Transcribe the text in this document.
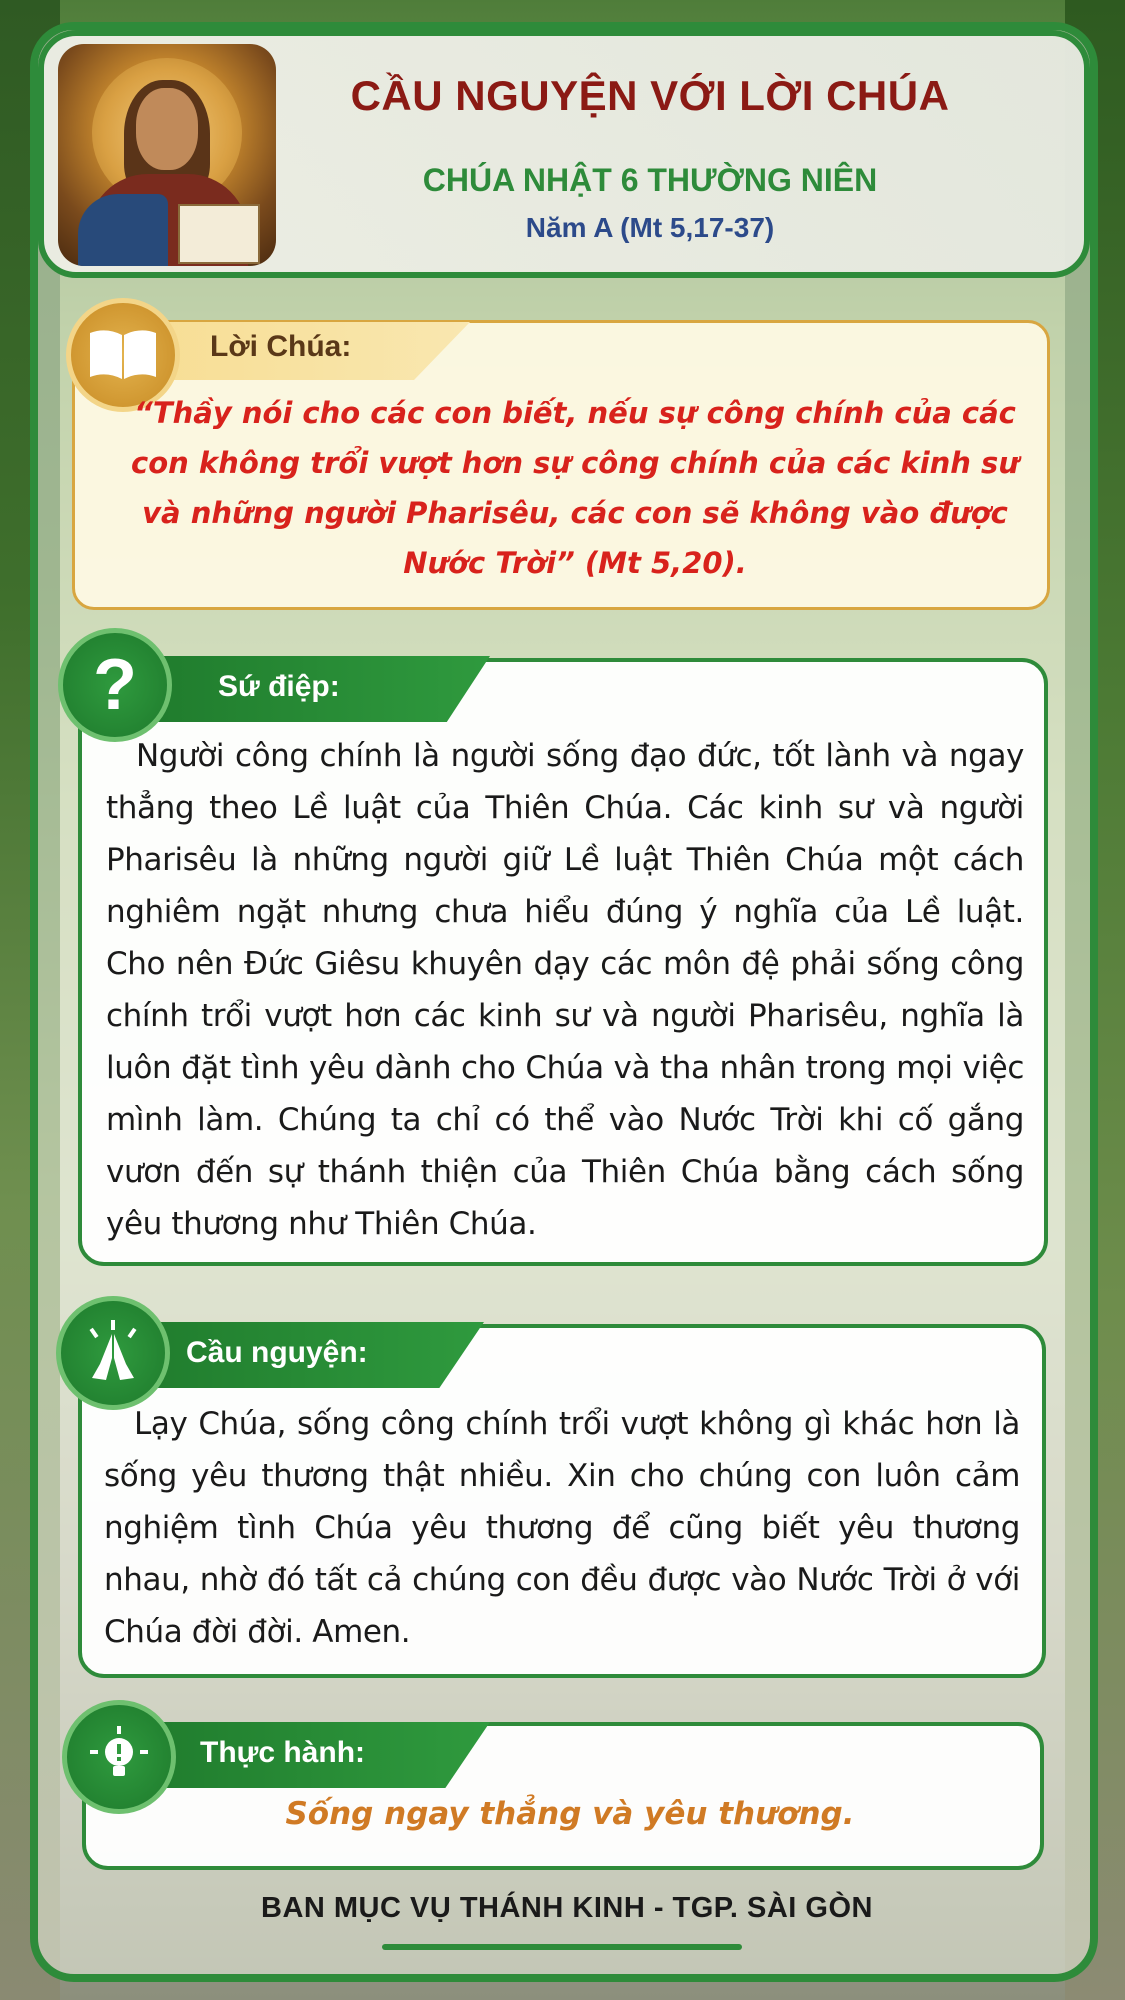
CẦU NGUYỆN VỚI LỜI CHÚA
CHÚA NHẬT 6 THƯỜNG NIÊN
Năm A (Mt 5,17-37)
Lời Chúa:
“Thầy nói cho các con biết, nếu sự công chính của các con không trổi vượt hơn sự công chính của các kinh sư và những người Pharisêu, các con sẽ không vào được Nước Trời” (Mt 5,20).
Sứ điệp:
?
Người công chính là người sống đạo đức, tốt lành và ngay thẳng theo Lề luật của Thiên Chúa. Các kinh sư và người Pharisêu là những người giữ Lề luật Thiên Chúa một cách nghiêm ngặt nhưng chưa hiểu đúng ý nghĩa của Lề luật. Cho nên Đức Giêsu khuyên dạy các môn đệ phải sống công chính trổi vượt hơn các kinh sư và người Pharisêu, nghĩa là luôn đặt tình yêu dành cho Chúa và tha nhân trong mọi việc mình làm. Chúng ta chỉ có thể vào Nước Trời khi cố gắng vươn đến sự thánh thiện của Thiên Chúa bằng cách sống yêu thương như Thiên Chúa.
Cầu nguyện:
Lạy Chúa, sống công chính trổi vượt không gì khác hơn là sống yêu thương thật nhiều. Xin cho chúng con luôn cảm nghiệm tình Chúa yêu thương để cũng biết yêu thương nhau, nhờ đó tất cả chúng con đều được vào Nước Trời ở với Chúa đời đời. Amen.
Thực hành:
Sống ngay thẳng và yêu thương.
BAN MỤC VỤ THÁNH KINH - TGP. SÀI GÒN
